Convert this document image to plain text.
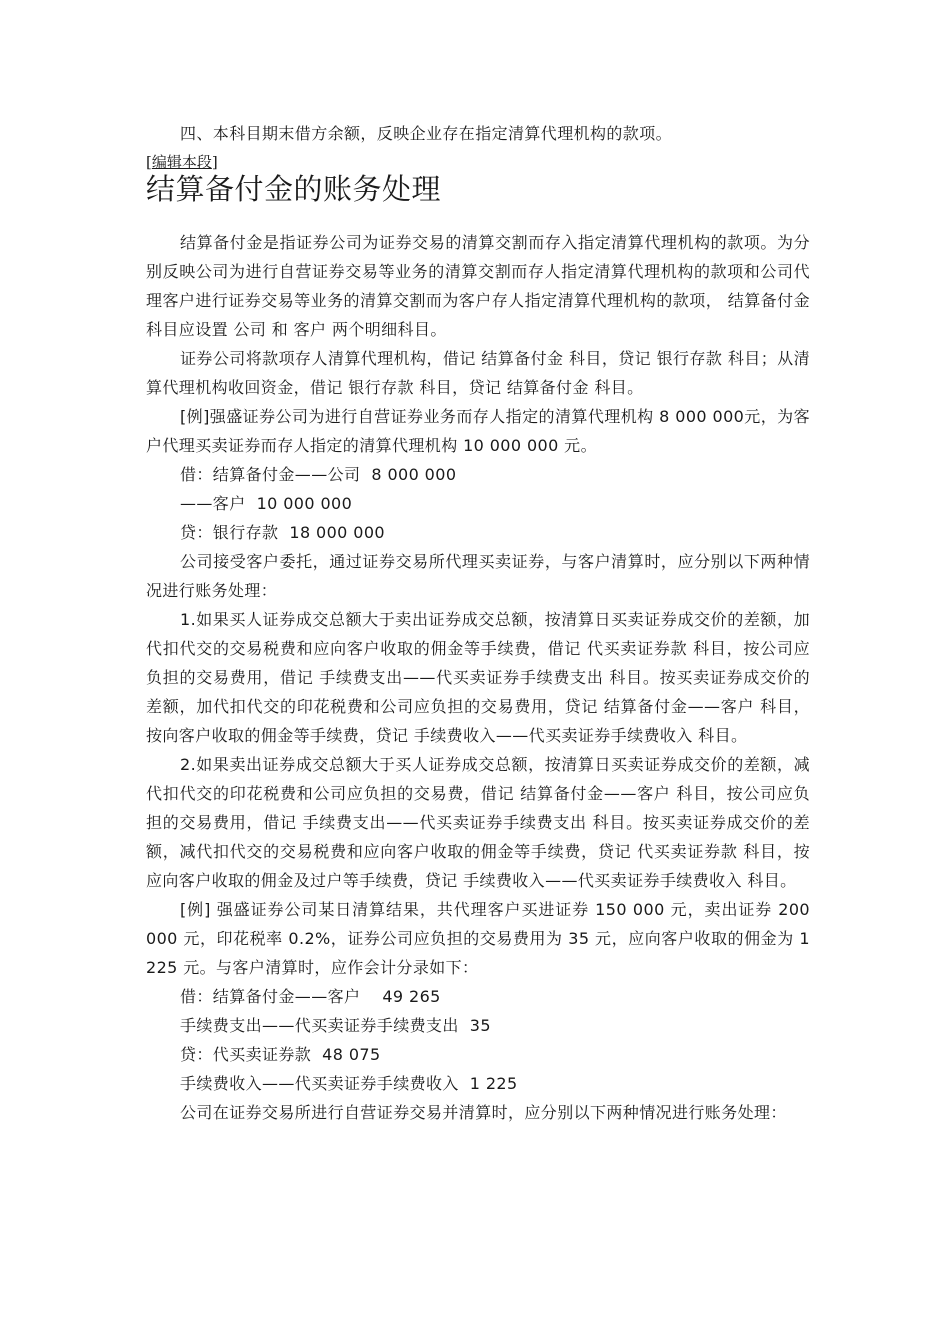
四、本科目期末借方余额，反映企业存在指定清算代理机构的款项。

[编辑本段]
结算备付金的账务处理

结算备付金是指证券公司为证券交易的清算交割而存入指定清算代理机构的款项。为分别反映公司为进行自营证券交易等业务的清算交割而存人指定清算代理机构的款项和公司代理客户进行证券交易等业务的清算交割而为客户存人指定清算代理机构的款项， 结算备付金 科目应设置 公司 和 客户 两个明细科目。

证券公司将款项存人清算代理机构，借记 结算备付金 科目，贷记 银行存款 科目；从清算代理机构收回资金，借记 银行存款 科目，贷记 结算备付金 科目。

[例]强盛证券公司为进行自营证券业务而存人指定的清算代理机构 8 000 000元，为客户代理买卖证券而存人指定的清算代理机构 10 000 000 元。

借：结算备付金——公司  8 000 000

——客户  10 000 000

贷：银行存款  18 000 000

公司接受客户委托，通过证券交易所代理买卖证券，与客户清算时，应分别以下两种情况进行账务处理：

1.如果买人证券成交总额大于卖出证券成交总额，按清算日买卖证券成交价的差额，加代扣代交的交易税费和应向客户收取的佣金等手续费，借记 代买卖证券款 科目，按公司应负担的交易费用，借记 手续费支出——代买卖证券手续费支出 科目。按买卖证券成交价的差额，加代扣代交的印花税费和公司应负担的交易费用，贷记 结算备付金——客户 科目，按向客户收取的佣金等手续费，贷记 手续费收入——代买卖证券手续费收入 科目。

2.如果卖出证券成交总额大于买人证券成交总额，按清算日买卖证券成交价的差额，减代扣代交的印花税费和公司应负担的交易费，借记 结算备付金——客户 科目，按公司应负担的交易费用，借记 手续费支出——代买卖证券手续费支出 科目。按买卖证券成交价的差额，减代扣代交的交易税费和应向客户收取的佣金等手续费，贷记 代买卖证券款 科目，按应向客户收取的佣金及过户等手续费，贷记 手续费收入——代买卖证券手续费收入 科目。

[例] 强盛证券公司某日清算结果，共代理客户买进证券 150 000 元，卖出证券 200 000 元，印花税率 0.2%，证券公司应负担的交易费用为 35 元，应向客户收取的佣金为 1 225 元。与客户清算时，应作会计分录如下：

借：结算备付金——客户    49 265

手续费支出——代买卖证券手续费支出  35

贷：代买卖证券款  48 075

手续费收入——代买卖证券手续费收入  1 225

公司在证券交易所进行自营证券交易并清算时，应分别以下两种情况进行账务处理：
